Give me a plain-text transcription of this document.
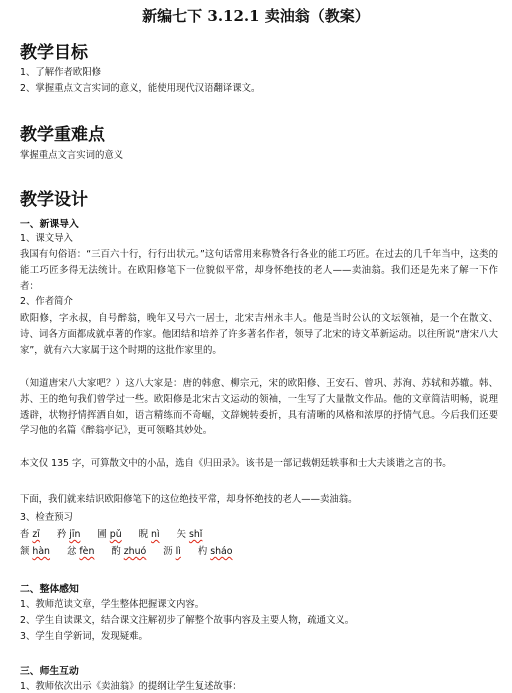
新编七下 3.12.1 卖油翁（教案）
教学目标
1、了解作者欧阳修
2、掌握重点文言实词的意义，能使用现代汉语翻译课文。
教学重难点
掌握重点文言实词的意义
教学设计
一、新课导入
1、课文导入

我国有句俗语：“三百六十行，行行出状元。”这句话常用来称赞各行各业的能工巧匠。在过去的几千年当中，这类的能工巧匠多得无法统计。在欧阳修笔下一位貌似平常，却身怀绝技的老人——卖油翁。我们还是先来了解一下作者：

2、作者简介

欧阳修，字永叔，自号醉翁，晚年又号六一居士，北宋吉州永丰人。他是当时公认的文坛领袖，是一个在散文、诗、词各方面都成就卓著的作家。他团结和培养了许多著名作者，领导了北宋的诗文革新运动。以往所说“唐宋八大家”，就有六大家属于这个时期的这批作家里的。

（知道唐宋八大家吧？）这八大家是：唐的韩愈、柳宗元，宋的欧阳修、王安石、曾巩、苏洵、苏轼和苏辙。韩、苏、王的绝句我们曾学过一些。欧阳修是北宋古文运动的领袖，一生写了大量散文作品。他的文章简洁明畅，说理透辟，状物抒情挥洒自如，语言精练而不奇崛，文辞婉转委折，具有清晰的风格和浓厚的抒情气息。今后我们还要学习他的名篇《醉翁亭记》，更可领略其妙处。

本文仅 135 字，可算散文中的小品，选自《归田录》。该书是一部记载朝廷轶事和士大夫谈谐之言的书。

下面，我们就来结识欧阳修笔下的这位绝技平常，却身怀绝技的老人——卖油翁。

3、检查预习
沓 zī 矜 jīn 圃 pǔ 睨 nì 矢 shǐ
颔 hàn 忿 fèn 酌 zhuó 沥 lì 杓 sháo
二、整体感知
1、教师范读文章，学生整体把握课文内容。
2、学生自读课文，结合课文注解初步了解整个故事内容及主要人物，疏通文义。
3、学生自学新词，发现疑难。
三、师生互动
1、教师依次出示《卖油翁》的提纲让学生复述故事：
